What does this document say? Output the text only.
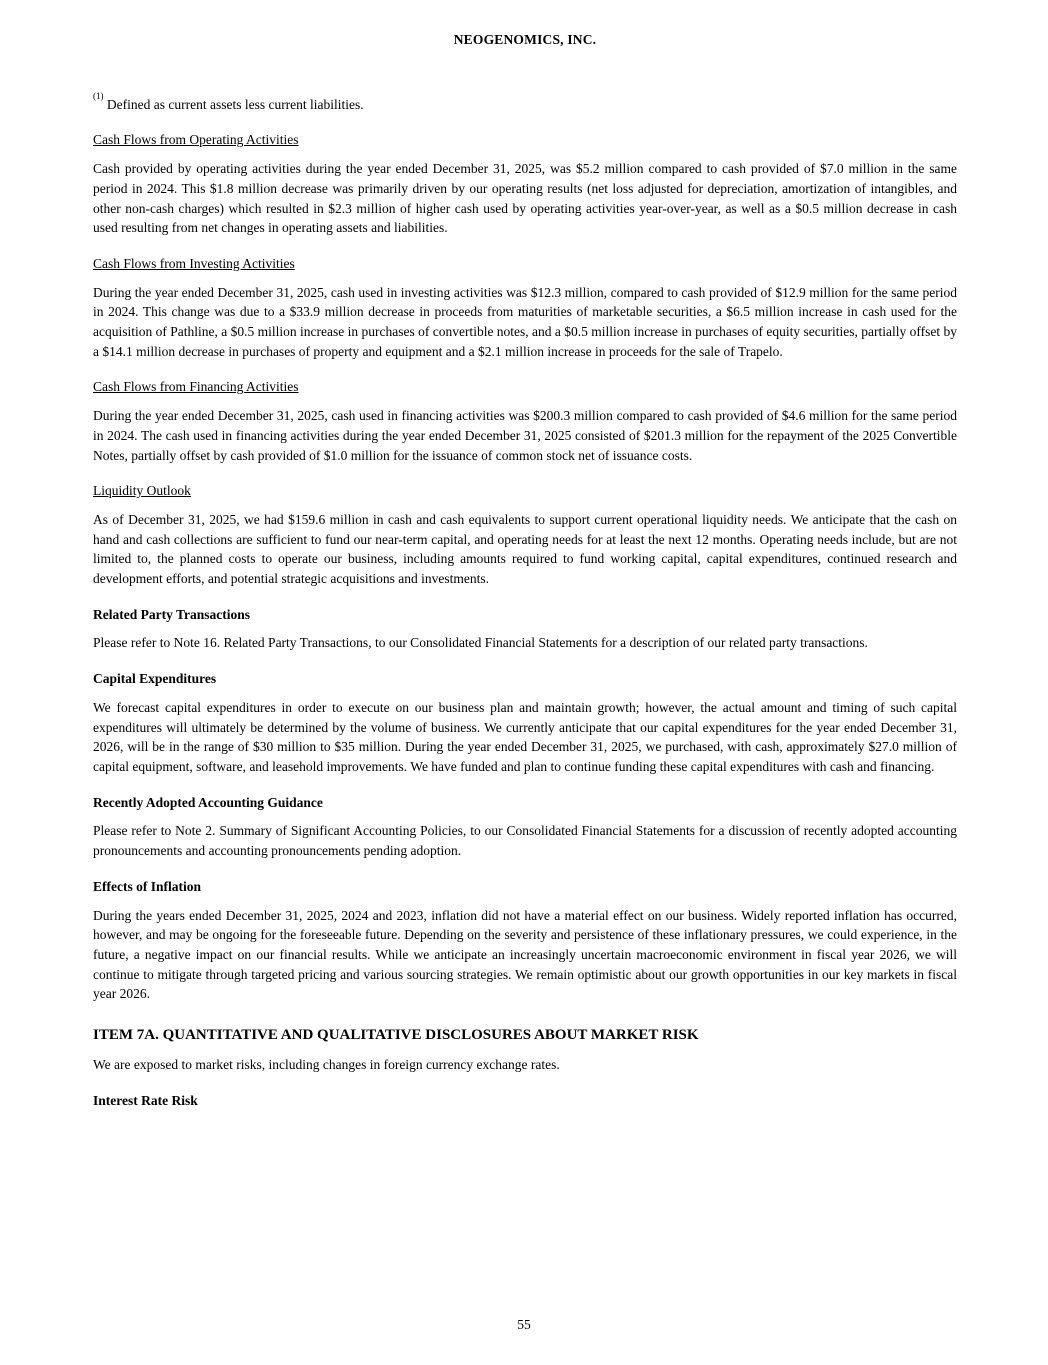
NEOGENOMICS, INC.
$^{(1)}$ Defined as current assets less current liabilities.
Cash Flows from Operating Activities
Cash provided by operating activities during the year ended December 31, 2025, was $5.2 million compared to cash provided of $7.0 million in the same period in 2024. This $1.8 million decrease was primarily driven by our operating results (net loss adjusted for depreciation, amortization of intangibles, and other non-cash charges) which resulted in $2.3 million of higher cash used by operating activities year-over-year, as well as a $0.5 million decrease in cash used resulting from net changes in operating assets and liabilities.
Cash Flows from Investing Activities
During the year ended December 31, 2025, cash used in investing activities was $12.3 million, compared to cash provided of $12.9 million for the same period in 2024. This change was due to a $33.9 million decrease in proceeds from maturities of marketable securities, a $6.5 million increase in cash used for the acquisition of Pathline, a $0.5 million increase in purchases of convertible notes, and a $0.5 million increase in purchases of equity securities, partially offset by a $14.1 million decrease in purchases of property and equipment and a $2.1 million increase in proceeds for the sale of Trapelo.
Cash Flows from Financing Activities
During the year ended December 31, 2025, cash used in financing activities was $200.3 million compared to cash provided of $4.6 million for the same period in 2024. The cash used in financing activities during the year ended December 31, 2025 consisted of $201.3 million for the repayment of the 2025 Convertible Notes, partially offset by cash provided of $1.0 million for the issuance of common stock net of issuance costs.
Liquidity Outlook
As of December 31, 2025, we had $159.6 million in cash and cash equivalents to support current operational liquidity needs. We anticipate that the cash on hand and cash collections are sufficient to fund our near-term capital, and operating needs for at least the next 12 months. Operating needs include, but are not limited to, the planned costs to operate our business, including amounts required to fund working capital, capital expenditures, continued research and development efforts, and potential strategic acquisitions and investments.
Related Party Transactions
Please refer to Note 16. Related Party Transactions, to our Consolidated Financial Statements for a description of our related party transactions.
Capital Expenditures
We forecast capital expenditures in order to execute on our business plan and maintain growth; however, the actual amount and timing of such capital expenditures will ultimately be determined by the volume of business. We currently anticipate that our capital expenditures for the year ended December 31, 2026, will be in the range of $30 million to $35 million. During the year ended December 31, 2025, we purchased, with cash, approximately $27.0 million of capital equipment, software, and leasehold improvements. We have funded and plan to continue funding these capital expenditures with cash and financing.
Recently Adopted Accounting Guidance
Please refer to Note 2. Summary of Significant Accounting Policies, to our Consolidated Financial Statements for a discussion of recently adopted accounting pronouncements and accounting pronouncements pending adoption.
Effects of Inflation
During the years ended December 31, 2025, 2024 and 2023, inflation did not have a material effect on our business. Widely reported inflation has occurred, however, and may be ongoing for the foreseeable future. Depending on the severity and persistence of these inflationary pressures, we could experience, in the future, a negative impact on our financial results. While we anticipate an increasingly uncertain macroeconomic environment in fiscal year 2026, we will continue to mitigate through targeted pricing and various sourcing strategies. We remain optimistic about our growth opportunities in our key markets in fiscal year 2026.
ITEM 7A. QUANTITATIVE AND QUALITATIVE DISCLOSURES ABOUT MARKET RISK
We are exposed to market risks, including changes in foreign currency exchange rates.
Interest Rate Risk
55
